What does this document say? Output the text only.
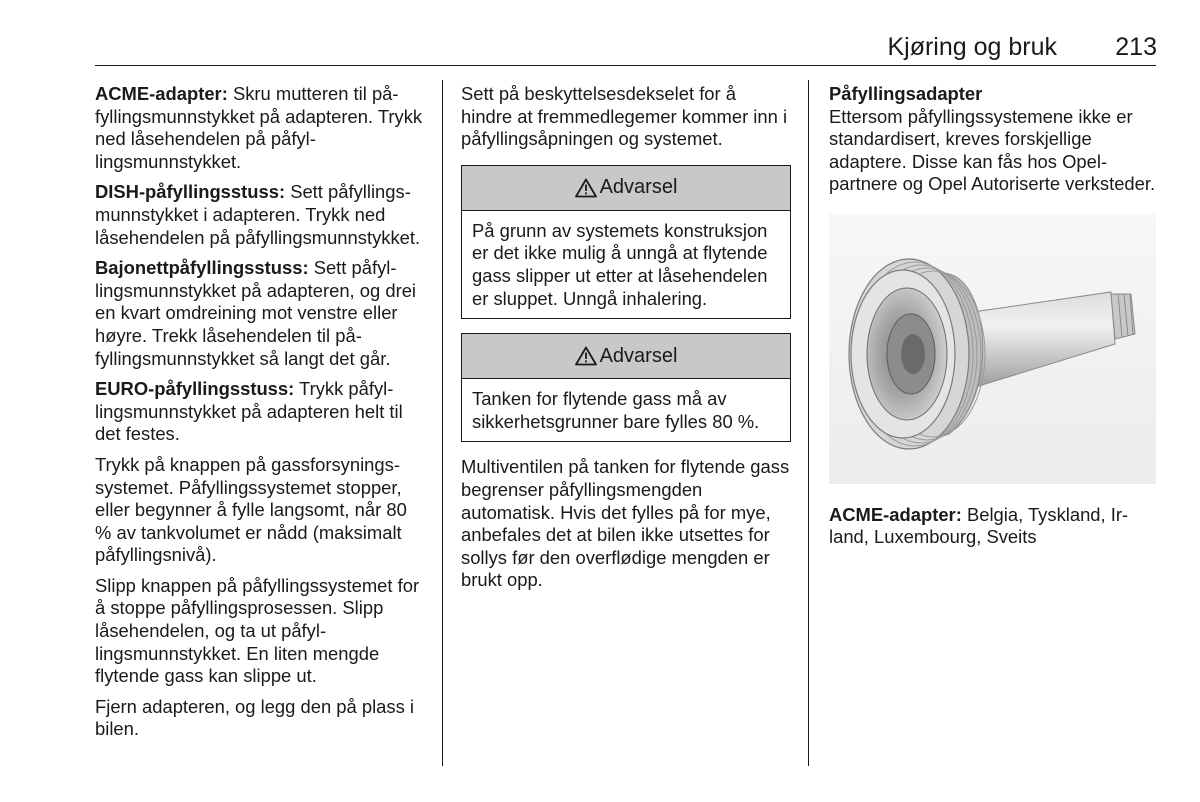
Kjøring og bruk 213

ACME-adapter: Skru mutteren til påfyllingsmunnstykket på adapteren. Trykk ned låsehendelen på påfyllingsmunnstykket.

DISH-påfyllingsstuss: Sett påfyllingsmunnstykket i adapteren. Trykk ned låsehendelen på påfyllingsmunnstykket.

Bajonettpåfyllingsstuss: Sett påfyllingsmunnstykket på adapteren, og drei en kvart omdreining mot venstre eller høyre. Trekk låsehendelen til påfyllingsmunnstykket så langt det går.

EURO-påfyllingsstuss: Trykk påfyllingsmunnstykket på adapteren helt til det festes.

Trykk på knappen på gassforsyningssystemet. Påfyllingssystemet stopper, eller begynner å fylle langsomt, når 80 % av tankvolumet er nådd (maksimalt påfyllingsnivå).

Slipp knappen på påfyllingssystemet for å stoppe påfyllingsprosessen. Slipp låsehendelen, og ta ut påfyllingsmunnstykket. En liten mengde flytende gass kan slippe ut.

Fjern adapteren, og legg den på plass i bilen.

Sett på beskyttelsesdekselet for å hindre at fremmedlegemer kommer inn i påfyllingsåpningen og systemet.

Advarsel
På grunn av systemets konstruksjon er det ikke mulig å unngå at flytende gass slipper ut etter at låsehendelen er sluppet. Unngå inhalering.
Advarsel
Tanken for flytende gass må av sikkerhetsgrunner bare fylles 80 %.

Multiventilen på tanken for flytende gass begrenser påfyllingsmengden automatisk. Hvis det fylles på for mye, anbefales det at bilen ikke utsettes for sollys før den overflødige mengden er brukt opp.

Påfyllingsadapter

Ettersom påfyllingssystemene ikke er standardisert, kreves forskjellige adaptere. Disse kan fås hos Opelpartnere og Opel Autoriserte verksteder.

ACME-adapter: Belgia, Tyskland, Irland, Luxembourg, Sveits
